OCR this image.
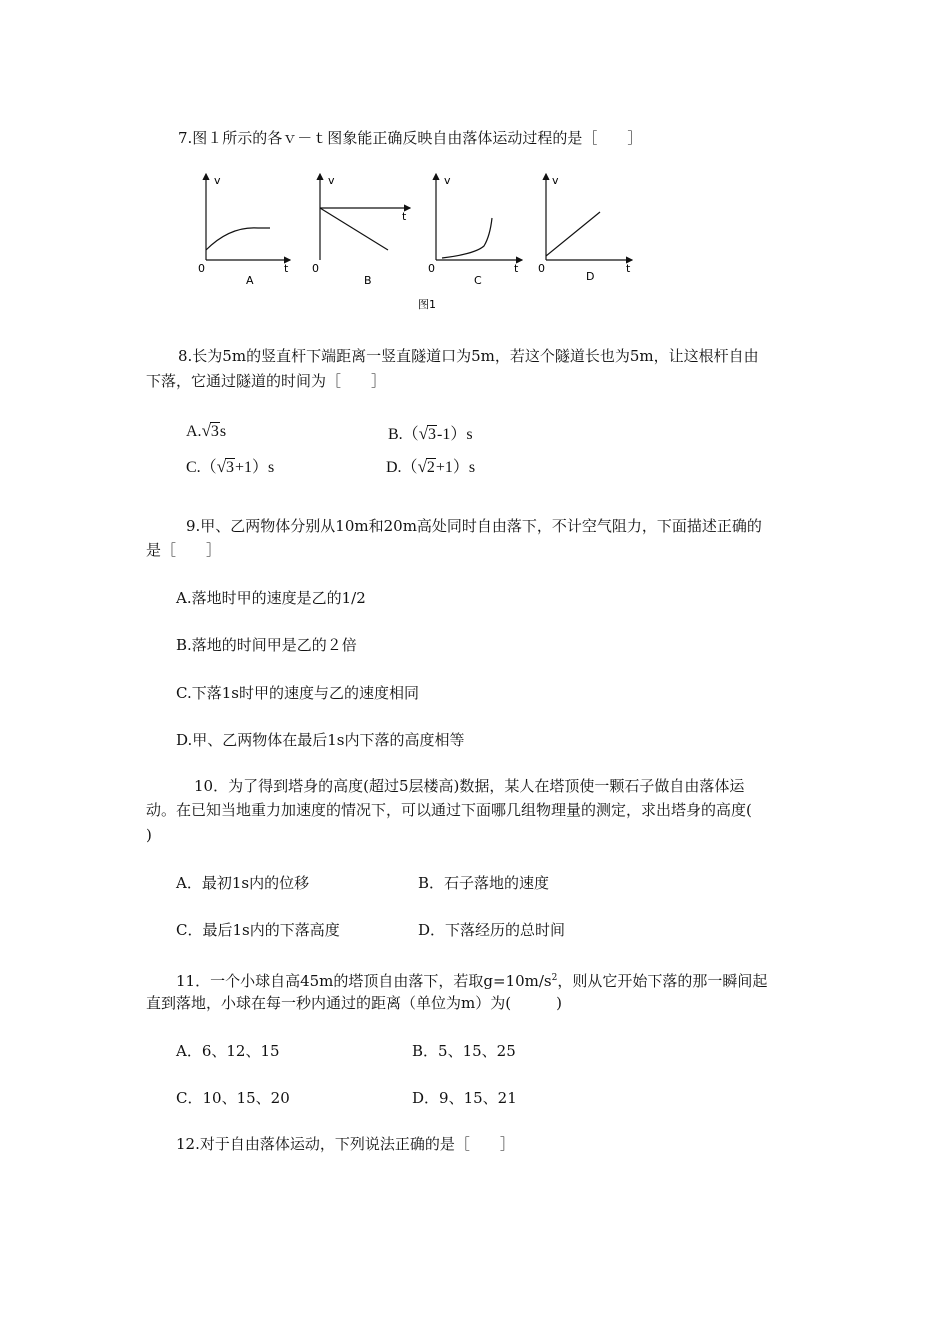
7.图１所示的各ｖ－ｔ图象能正确反映自由落体运动过程的是［　　］
v
t
0
A
v
t
0
B
v
t
0
C
v
t
0
D
图1
8.长为5m的竖直杆下端距离一竖直隧道口为5m，若这个隧道长也为5m，让这根杆自由
下落，它通过隧道的时间为［　　］
A.√3s	B.（√3-1）s
C.（√3+1）s	D.（√2+1）s
9.甲、乙两物体分别从10m和20m高处同时自由落下，不计空气阻力，下面描述正确的
是［　　］
A.落地时甲的速度是乙的1/2
B.落地的时间甲是乙的２倍
C.下落1s时甲的速度与乙的速度相同
D.甲、乙两物体在最后1s内下落的高度相等
10．为了得到塔身的高度(超过5层楼高)数据，某人在塔顶使一颗石子做自由落体运
动。在已知当地重力加速度的情况下，可以通过下面哪几组物理量的测定，求出塔身的高度(
)
A．最初1s内的位移	B．石子落地的速度
C．最后1s内的下落高度	D．下落经历的总时间
11．一个小球自高45m的塔顶自由落下，若取$g=10m/s^2$，则从它开始下落的那一瞬间起
直到落地，小球在每一秒内通过的距离（单位为m）为(　　　)
A．6、12、15	B．5、15、25
C．10、15、20	D．9、15、21
12.对于自由落体运动，下列说法正确的是［　　］
